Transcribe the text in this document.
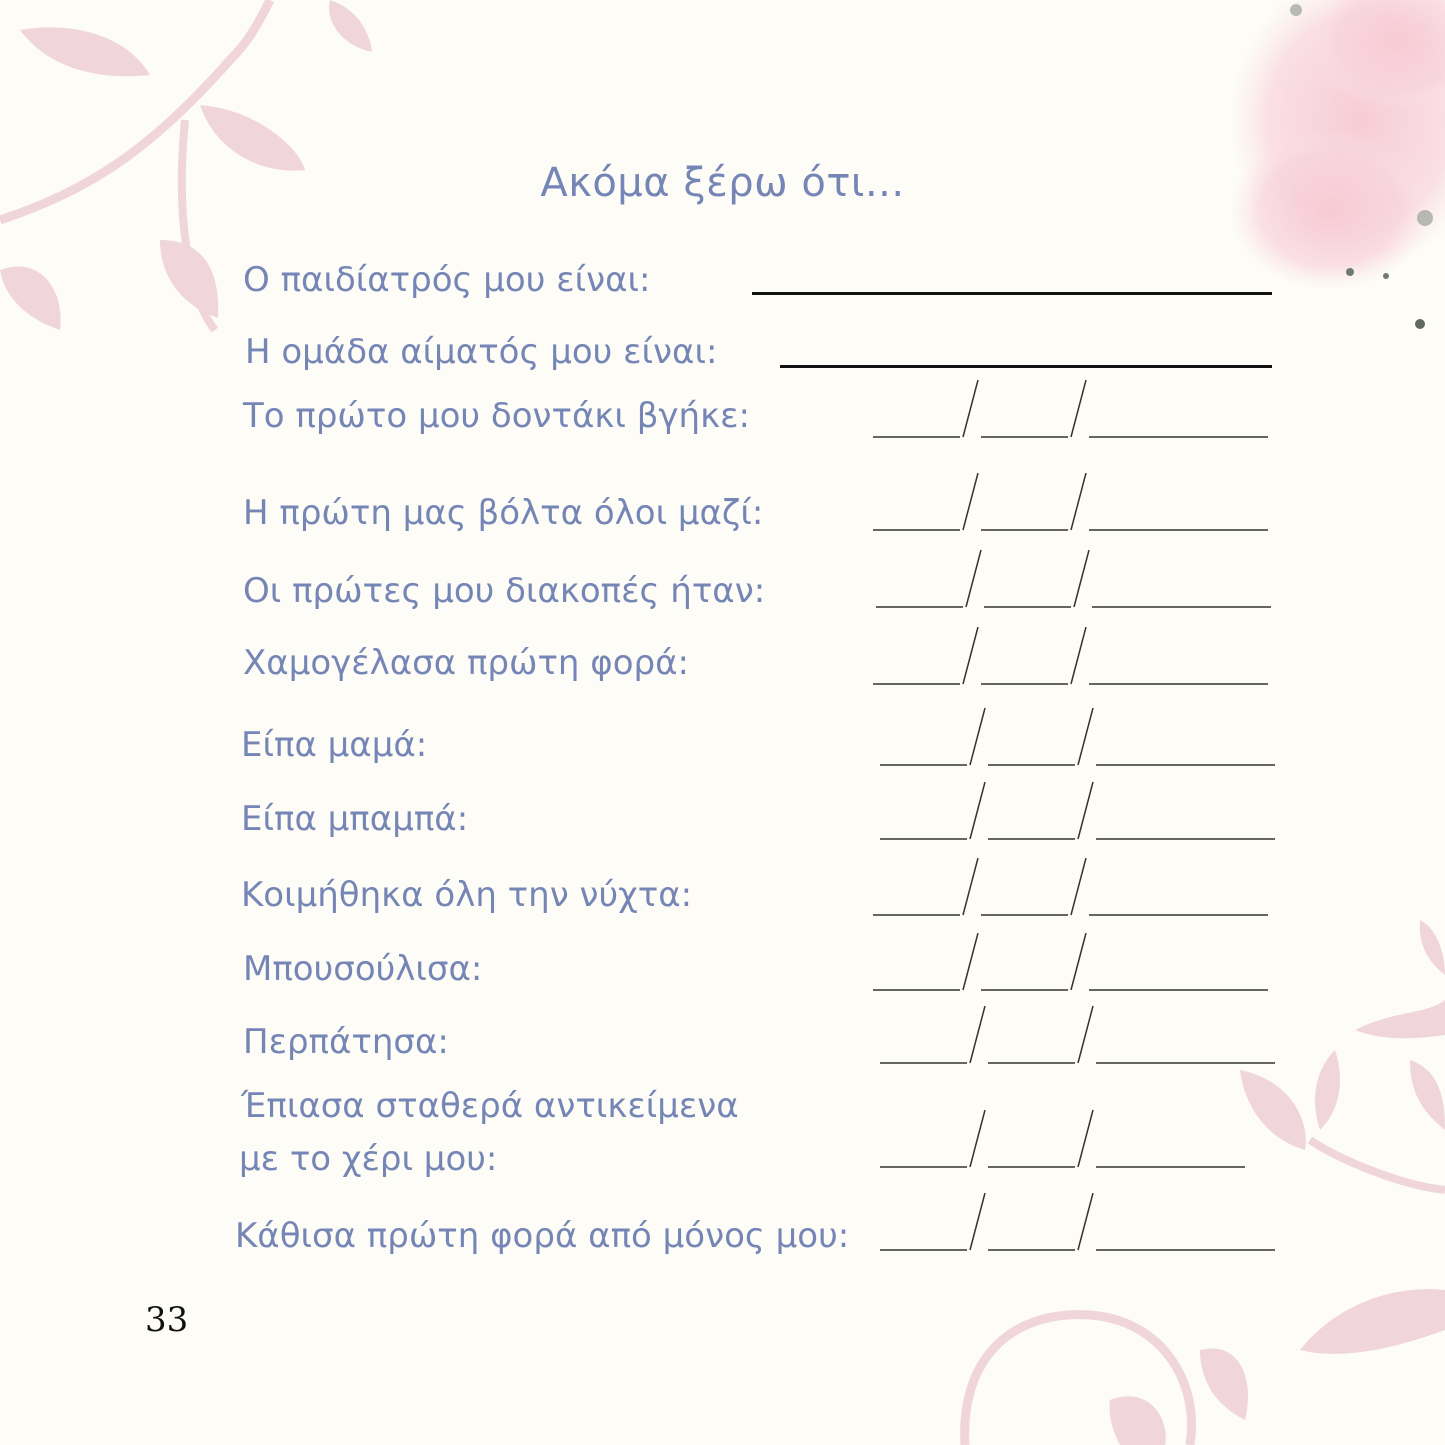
Ακόμα ξέρω ότι...
Ο παιδίατρός μου είναι:
Η ομάδα αίματός μου είναι:
Το πρώτο μου δοντάκι βγήκε:
Η πρώτη μας βόλτα όλοι μαζί:
Οι πρώτες μου διακοπές ήταν:
Χαμογέλασα πρώτη φορά:
Είπα μαμά:
Είπα μπαμπά:
Κοιμήθηκα όλη την νύχτα:
Μπουσούλισα:
Περπάτησα:
Έπιασα σταθερά αντικείμενα
με το χέρι μου:
Κάθισα πρώτη φορά από μόνος μου:
33
